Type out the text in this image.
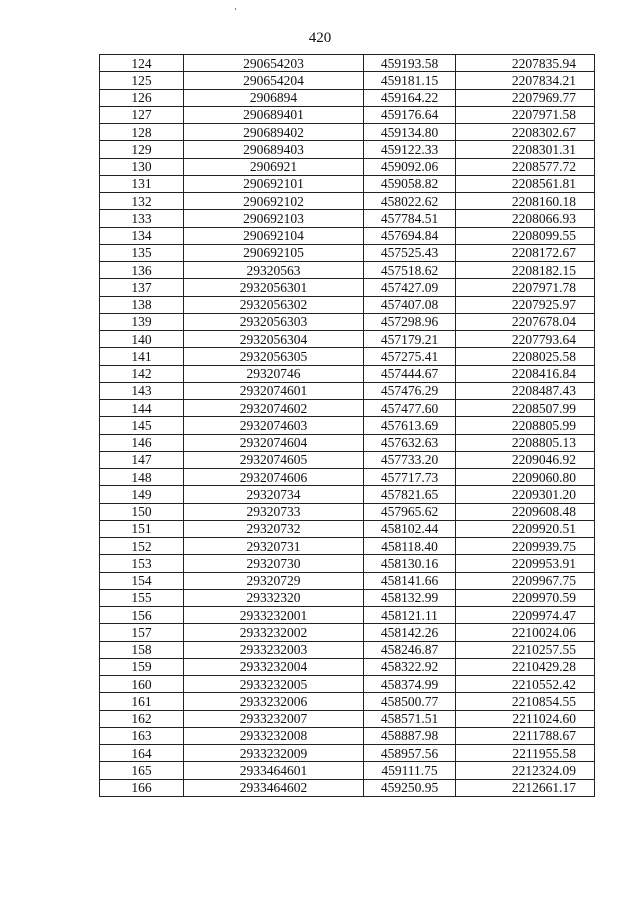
420
124	290654203	459193.58	2207835.94
125	290654204	459181.15	2207834.21
126	2906894	459164.22	2207969.77
127	290689401	459176.64	2207971.58
128	290689402	459134.80	2208302.67
129	290689403	459122.33	2208301.31
130	2906921	459092.06	2208577.72
131	290692101	459058.82	2208561.81
132	290692102	458022.62	2208160.18
133	290692103	457784.51	2208066.93
134	290692104	457694.84	2208099.55
135	290692105	457525.43	2208172.67
136	29320563	457518.62	2208182.15
137	2932056301	457427.09	2207971.78
138	2932056302	457407.08	2207925.97
139	2932056303	457298.96	2207678.04
140	2932056304	457179.21	2207793.64
141	2932056305	457275.41	2208025.58
142	29320746	457444.67	2208416.84
143	2932074601	457476.29	2208487.43
144	2932074602	457477.60	2208507.99
145	2932074603	457613.69	2208805.99
146	2932074604	457632.63	2208805.13
147	2932074605	457733.20	2209046.92
148	2932074606	457717.73	2209060.80
149	29320734	457821.65	2209301.20
150	29320733	457965.62	2209608.48
151	29320732	458102.44	2209920.51
152	29320731	458118.40	2209939.75
153	29320730	458130.16	2209953.91
154	29320729	458141.66	2209967.75
155	29332320	458132.99	2209970.59
156	2933232001	458121.11	2209974.47
157	2933232002	458142.26	2210024.06
158	2933232003	458246.87	2210257.55
159	2933232004	458322.92	2210429.28
160	2933232005	458374.99	2210552.42
161	2933232006	458500.77	2210854.55
162	2933232007	458571.51	2211024.60
163	2933232008	458887.98	2211788.67
164	2933232009	458957.56	2211955.58
165	2933464601	459111.75	2212324.09
166	2933464602	459250.95	2212661.17
